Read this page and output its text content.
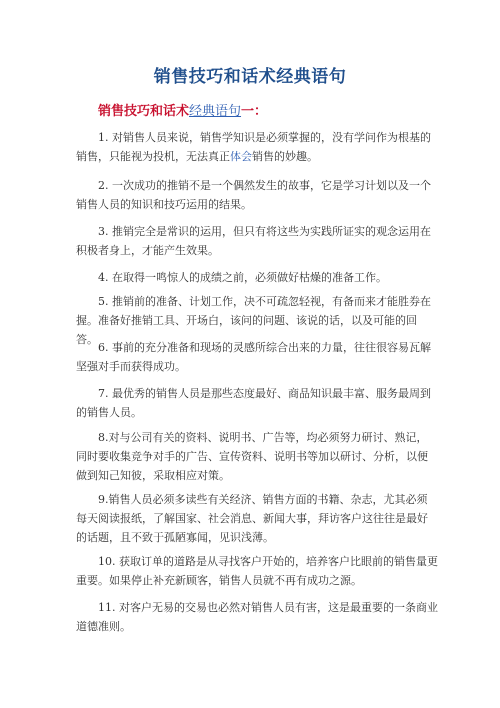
销售技巧和话术经典语句
销售技巧和话术经典语句一：
1. 对销售人员来说，销售学知识是必须掌握的，没有学问作为根基的销售，只能视为投机，无法真正体会销售的妙趣。
2. 一次成功的推销不是一个偶然发生的故事，它是学习计划以及一个销售人员的知识和技巧运用的结果。
3. 推销完全是常识的运用，但只有将这些为实践所证实的观念运用在积极者身上，才能产生效果。
4. 在取得一鸣惊人的成绩之前，必须做好枯燥的准备工作。
5. 推销前的准备、计划工作，决不可疏忽轻视，有备而来才能胜券在握。准备好推销工具、开场白，该问的问题、该说的话，以及可能的回答。
6. 事前的充分准备和现场的灵感所综合出来的力量，往往很容易瓦解坚强对手而获得成功。
7. 最优秀的销售人员是那些态度最好、商品知识最丰富、服务最周到的销售人员。
8.对与公司有关的资料、说明书、广告等，均必须努力研讨、熟记，同时要收集竞争对手的广告、宣传资料、说明书等加以研讨、分析，以便做到知己知彼，采取相应对策。
9.销售人员必须多读些有关经济、销售方面的书籍、杂志，尤其必须每天阅读报纸，了解国家、社会消息、新闻大事，拜访客户这往往是最好的话题，且不致于孤陋寡闻，见识浅薄。
10. 获取订单的道路是从寻找客户开始的，培养客户比眼前的销售量更重要。如果停止补充新顾客，销售人员就不再有成功之源。
11. 对客户无易的交易也必然对销售人员有害，这是最重要的一条商业道德准则。
